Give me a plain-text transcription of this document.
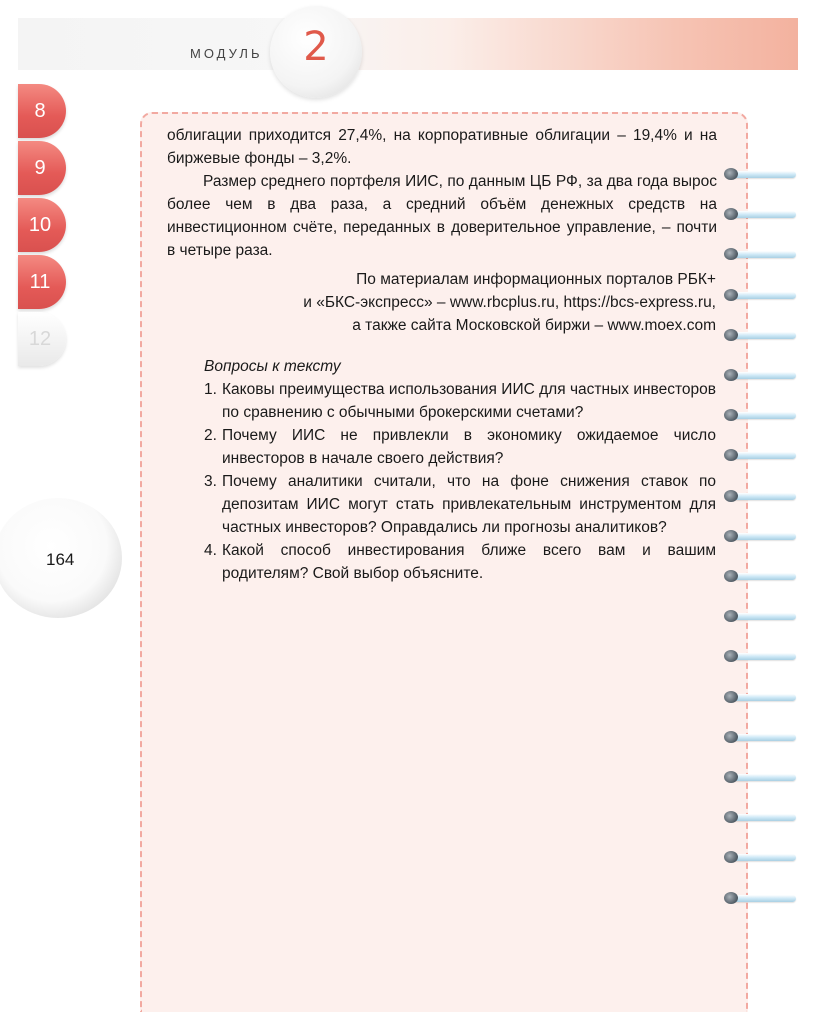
МОДУЛЬ	2
8
9
10
11
12
164

облигации приходится 27,4%, на корпоративные облигации – 19,4% и на биржевые фонды – 3,2%.

Размер среднего портфеля ИИС, по данным ЦБ РФ, за два года вырос более чем в два раза, а средний объём денежных средств на инвестиционном счёте, переданных в доверительное управление, – почти в четыре раза.

По материалам информационных порталов РБК+
и «БКС-экспресс» – www.rbcplus.ru, https://bcs-express.ru,
а также сайта Московской биржи – www.moex.com
Вопросы к тексту
1. Каковы преимущества использования ИИС для частных инвесторов по сравнению с обычными брокерскими счетами?
2. Почему ИИС не привлекли в экономику ожидаемое число инвесторов в начале своего действия?
3. Почему аналитики считали, что на фоне снижения ставок по депозитам ИИС могут стать привлекательным инструментом для частных инвесторов? Оправдались ли прогнозы аналитиков?
4. Какой способ инвестирования ближе всего вам и вашим родителям? Свой выбор объясните.
